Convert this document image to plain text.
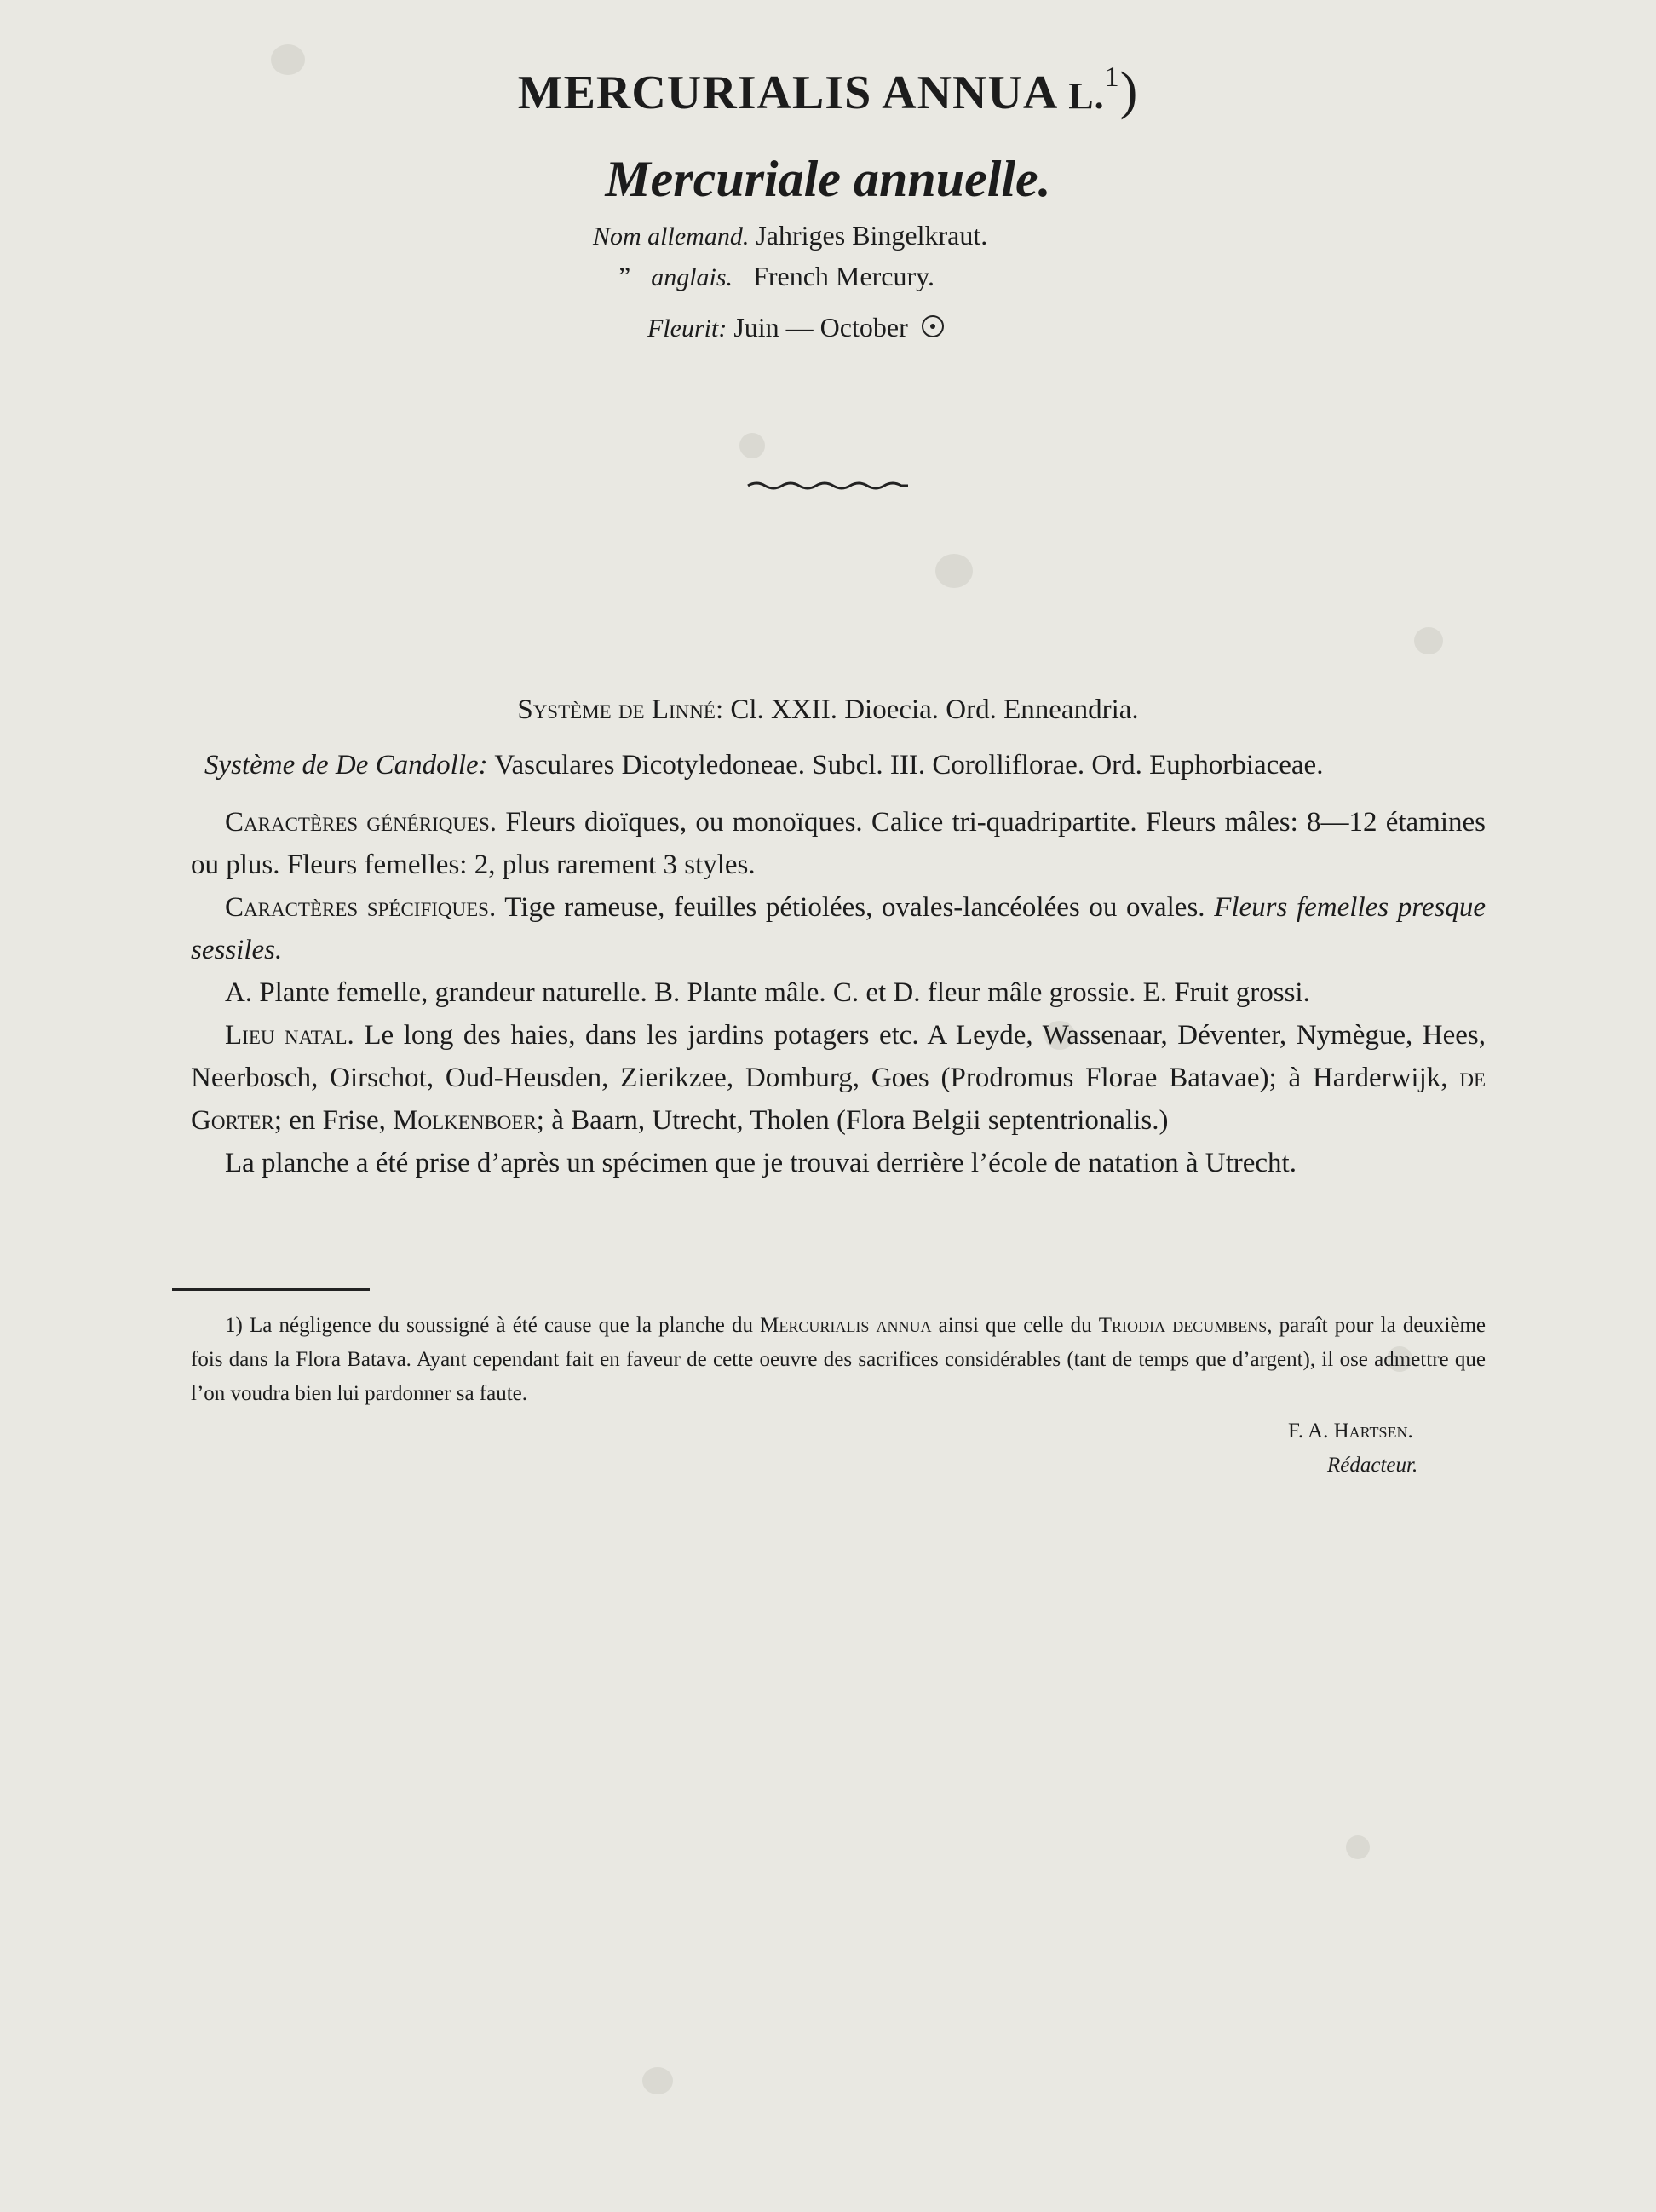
MERCURIALIS ANNUA L.$^1$)
Mercuriale annuelle.
Nom allemand. Jahriges Bingelkraut.
” anglais. French Mercury.
Fleurit: Juin — October
Système de Linné: Cl. XXII. Dioecia. Ord. Enneandria.
Système de De Candolle: Vasculares Dicotyledoneae. Subcl. III. Corolliflorae. Ord. Euphorbiaceae.

Caractères génériques. Fleurs dioïques, ou monoïques. Calice tri-quadripartite. Fleurs mâles: 8—12 étamines ou plus. Fleurs femelles: 2, plus rarement 3 styles.

Caractères spécifiques. Tige rameuse, feuilles pétiolées, ovales-lancéolées ou ovales. Fleurs femelles presque sessiles.

A. Plante femelle, grandeur naturelle. B. Plante mâle. C. et D. fleur mâle grossie. E. Fruit grossi.

Lieu natal. Le long des haies, dans les jardins potagers etc. A Leyde, Wassenaar, Déventer, Nymègue, Hees, Neerbosch, Oirschot, Oud-Heusden, Zierikzee, Domburg, Goes (Prodromus Florae Batavae); à Harderwijk, de Gorter; en Frise, Molkenboer; à Baarn, Utrecht, Tholen (Flora Belgii septentrionalis.)

La planche a été prise d’après un spécimen que je trouvai derrière l’école de natation à Utrecht.

1) La négligence du soussigné à été cause que la planche du Mercurialis annua ainsi que celle du Triodia decumbens, paraît pour la deuxième fois dans la Flora Batava. Ayant cependant fait en faveur de cette oeuvre des sacrifices considérables (tant de temps que d’argent), il ose admettre que l’on voudra bien lui pardonner sa faute.

F. A. Hartsen.
Rédacteur.
